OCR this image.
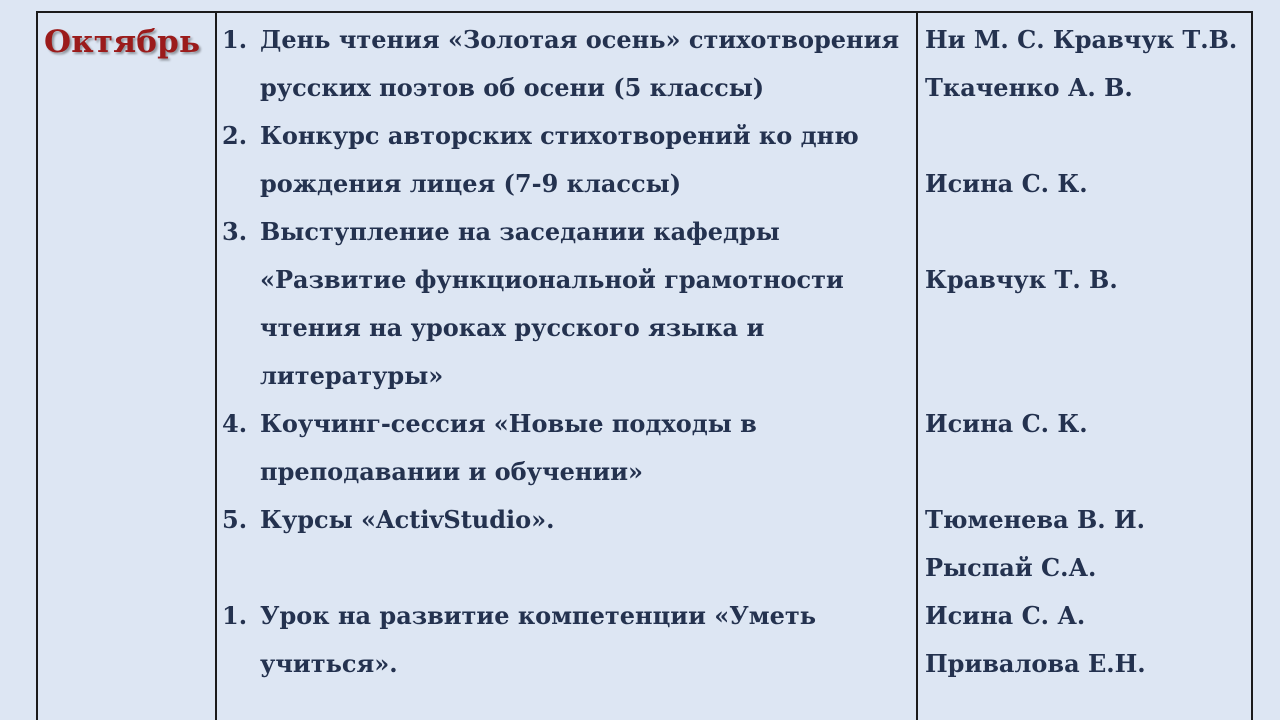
Октябрь 1. День чтения «Золотая осень» стихотворения
русских поэтов об осени (5 классы)
2. Конкурс авторских стихотворений ко дню
рождения лицея (7-9 классы)
3. Выступление на заседании кафедры
«Развитие функциональной грамотности
чтения на уроках русского языка и
литературы»
4. Коучинг-сессия «Новые подходы в
преподавании и обучении»
5. Курсы «ActivStudio».
1. Урок на развитие компетенции «Уметь
учиться».
Ни М. С. Кравчук Т.В.
Ткаченко А. В.
Исина С. К.
Кравчук Т. В.
Исина С. К.
Тюменева В. И.
Рыспай С.А.
Исина С. А.
Привалова Е.Н.
